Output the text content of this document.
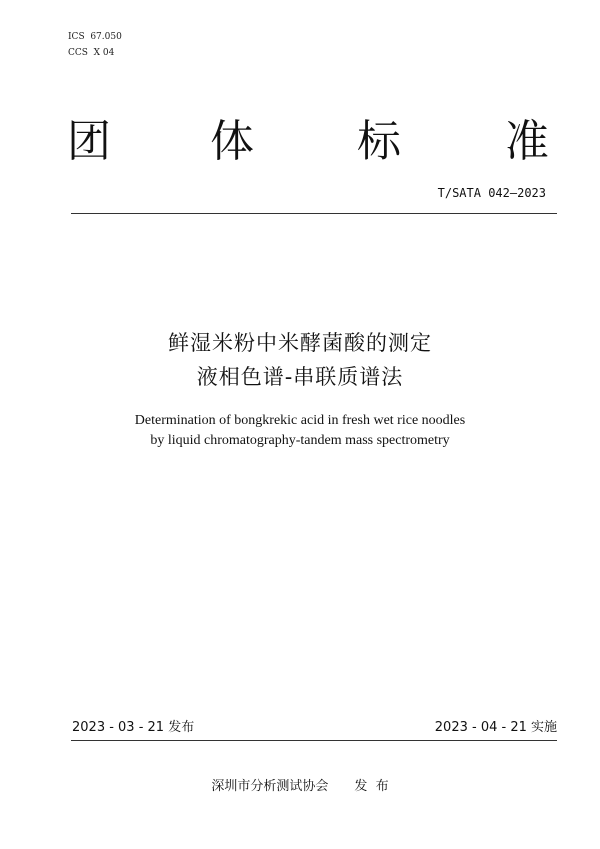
ICS  67.050
CCS  X 04
团 体 标 准
T/SATA 042—2023
鲜湿米粉中米酵菌酸的测定
液相色谱-串联质谱法
Determination of bongkrekic acid in fresh wet rice noodles
by liquid chromatography-tandem mass spectrometry
2023 - 03 - 21 发布	2023 - 04 - 21 实施
深圳市分析测试协会 发  布
